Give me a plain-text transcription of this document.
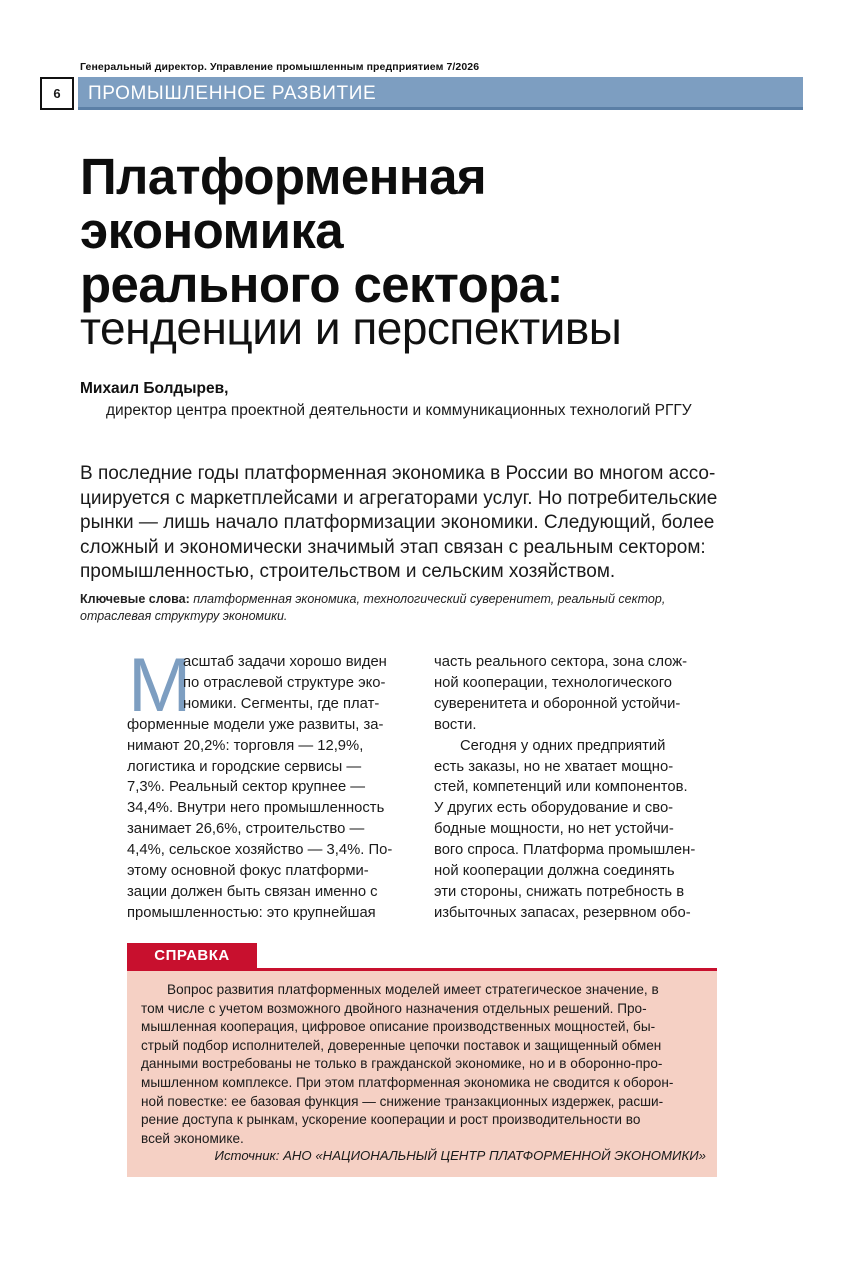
Генеральный директор. Управление промышленным предприятием 7/2026
6	ПРОМЫШЛЕННОЕ РАЗВИТИЕ
Платформенная
экономика
реального сектора:
тенденции и перспективы
Михаил Болдырев,
директор центра проектной деятельности и коммуникационных технологий РГГУ
В последние годы платформенная экономика в России во многом ассо-
циируется с маркетплейсами и агрегаторами услуг. Но потребительские
рынки — лишь начало платформизации экономики. Следующий, более
сложный и экономически значимый этап связан с реальным сектором:
промышленностью, строительством и сельским хозяйством.
Ключевые слова: платформенная экономика, технологический суверенитет, реальный сектор,
отраслевая структуру экономики.
М
асштаб задачи хорошо виден
по отраслевой структуре эко-
номики. Сегменты, где плат-
форменные модели уже развиты, за-
нимают 20,2%: торговля — 12,9%,
логистика и городские сервисы —
7,3%. Реальный сектор крупнее —
34,4%. Внутри него промышленность
занимает 26,6%, строительство —
4,4%, сельское хозяйство — 3,4%. По-
этому основной фокус платформи-
зации должен быть связан именно с
промышленностью: это крупнейшая
часть реального сектора, зона слож-
ной кооперации, технологического
суверенитета и оборонной устойчи-
вости.
Сегодня у одних предприятий
есть заказы, но не хватает мощно-
стей, компетенций или компонентов.
У других есть оборудование и сво-
бодные мощности, но нет устойчи-
вого спроса. Платформа промышлен-
ной кооперации должна соединять
эти стороны, снижать потребность в
избыточных запасах, резервном обо-
СПРАВКА
Вопрос развития платформенных моделей имеет стратегическое значение, в
том числе с учетом возможного двойного назначения отдельных решений. Про-
мышленная кооперация, цифровое описание производственных мощностей, бы-
стрый подбор исполнителей, доверенные цепочки поставок и защищенный обмен
данными востребованы не только в гражданской экономике, но и в оборонно-про-
мышленном комплексе. При этом платформенная экономика не сводится к оборон-
ной повестке: ее базовая функция — снижение транзакционных издержек, расши-
рение доступа к рынкам, ускорение кооперации и рост производительности во
всей экономике.
Источник: АНО «НАЦИОНАЛЬНЫЙ ЦЕНТР ПЛАТФОРМЕННОЙ ЭКОНОМИКИ»
